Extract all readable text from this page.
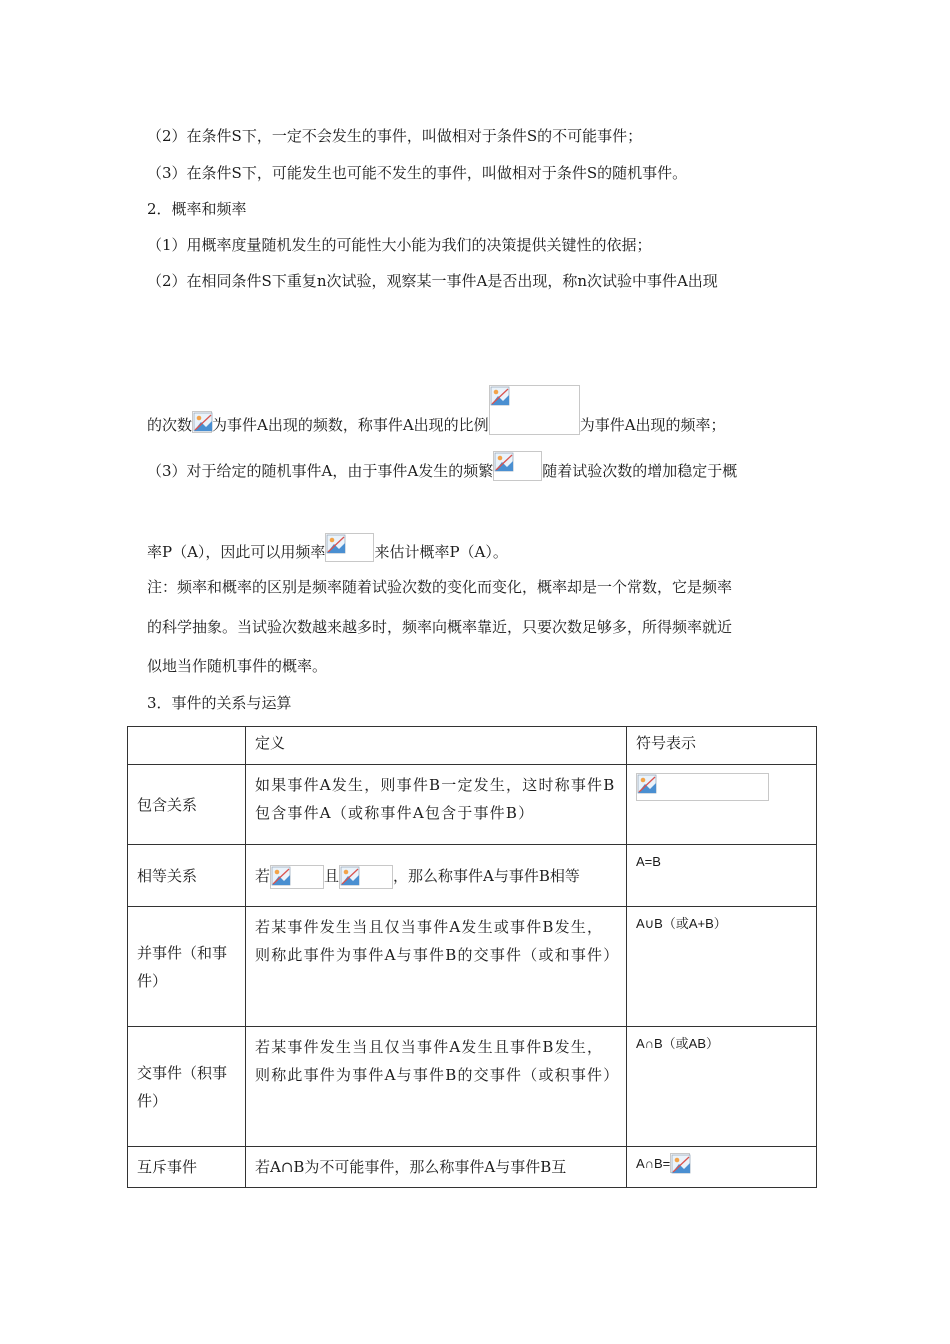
（2）在条件S下，一定不会发生的事件，叫做相对于条件S的不可能事件；
（3）在条件S下，可能发生也可能不发生的事件，叫做相对于条件S的随机事件。
2．概率和频率
（1）用概率度量随机发生的可能性大小能为我们的决策提供关键性的依据；
（2）在相同条件S下重复n次试验，观察某一事件A是否出现，称n次试验中事件A出现
的次数 为事件A出现的频数，称事件A出现的比例	为事件A出现的频率；
（3）对于给定的随机事件A，由于事件A发生的频繁	随着试验次数的增加稳定于概
率P（A），因此可以用频率	来估计概率P（A）。
注：频率和概率的区别是频率随着试验次数的变化而变化，概率却是一个常数，它是频率
的科学抽象。当试验次数越来越多时，频率向概率靠近，只要次数足够多，所得频率就近
似地当作随机事件的概率。
3．事件的关系与运算
	定义	符号表示
包含关系	如果事件A发生，则事件B一定发生，这时称事件B包含事件A（或称事件A包含于事件B）	

相等关系	若 且 ，那么称事件A与事件B相等	A=B
并事件（和事件）	若某事件发生当且仅当事件A发生或事件B发生，则称此事件为事件A与事件B的交事件（或和事件）	A∪B（或A+B）
交事件（积事件）	若某事件发生当且仅当事件A发生且事件B发生，则称此事件为事件A与事件B的交事件（或积事件）	A∩B（或AB）
互斥事件	若A∩B为不可能事件，那么称事件A与事件B互	A∩B=
